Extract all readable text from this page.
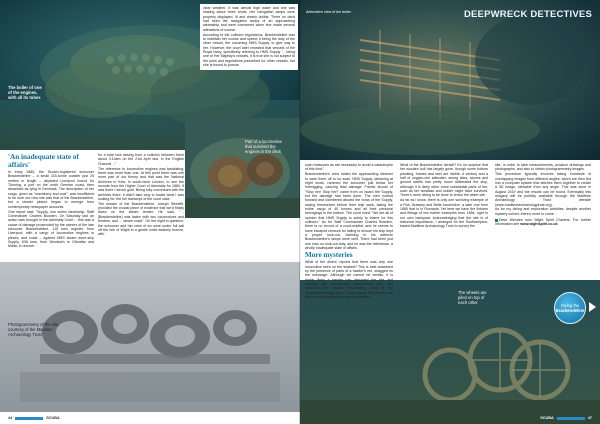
The boiler of one of the engines, with all its tubes
Part of a locomotive that survived the engines in the deck
Photogrammetry of the site, courtesy of the Maritime Archaeology Trust
'An inadequate state of affairs'

In early 1880, the Scotch-registered schooner Brackendeline – a small 115-tonne coaster just 25 metres in length – departed Liverpool bound for Tönning, a port on the north German coast, then described as lying in Denmark. The description of her cargo, given as "machinery and coal", was insufficient to be sure our new site was that of the Brackendeline, but a clearer picture began to emerge from contemporary newspaper accounts.

One report said: "Supply, iron screw steamship, Staff Commander Charles Bowden. On Saturday last an action was brought in the Admiralty Court… this was a cause of damage prosecuted by the owners of the late schooner Brackendeline, 115 tons register, from Liverpool, with a cargo of locomotive engines in pieces, and coals – against HMS steam store-ship Supply, 638 tons, from Woolwich to Gibraltar and Malta, to recover

for a total loss arising from a collision between them about 3.10am on the 21st April last, in the English Channel…"

The reference to locomotive engines was tantalising; there was more than one. At this point there was one more part of our theory and that was the National Archives in Kew, in south-west London, to see the records from the Higher Court of Admiralty for 1880. It was there I struck gold. Being fully conversant with the archives there, it didn't take long to locate what I was looking for: the full transcript of the court case.

The master of the Brackendeline, Joseph Streeffit, provided the crucial piece of evidence that we'd finally dived on the steam tender. He said, "… [Brackendeline] was laden with two locomotives and tenders, and … steam coals". On the night in question, the schooner and her crew of six were under full sail off the Isle of Wight in a gentle north-easterly breeze, with

clear weather. It was almost high water and she was making about three knots. Her navigation lamps were properly displayed, lit and clearly visible. Three on deck had seen the navigation lamps of an approaching steamship and were concerned when she made several alterations of course.

According to the collision regulations, Brackendeline was to maintain her course and speed; it being the duty of the other vessel, the oncoming HMS Supply, to give way to her. However, the court later revealed that vessels of the Royal Navy, specifically referring to HMS Supply "…being one of Her Majesty's vessels, it is true she is not subject to the rules and regulations prescribed for other vessels, but she is bound to pursue

44	SCUBA
Alternative view of the boiler	DEEPWRECK DETECTIVES

such measures as are necessary to avoid a catastrophe of this kind."

Brackendeline's crew hailed the approaching steamer to warn them off to no avail. HMS Supply, steaming at eight knots, rammed the schooner just below her foresigging, causing fatal damage. Frantic shouts of "Stop her! Stop her!" came from on board the Supply, but the damage had been done. The men rushed forward and clambered aboard the bows of the Supply, saving themselves before their ship sank, taking the entire cargo of 40 tonnes and all their personal belongings to the bottom. The court ruled: "We are all of opinion that HMS Supply is solely to blame for this collision." As for Staff Commander Charles Bowden, there is no record of a court-martial, and he seems to have escaped censure for failing to ensure his ship kept a proper look-out, claiming in his defence Brackendeline's lamps were unlit. There had been just one man on look-out duty, and he was the helmsman, a wholly inadequate state of affairs.

More mysteries

What of the divers' reports that there was only one locomotive seen on the seabed? This is best answered by the presence of parts of a trawler's net, snagged on the wreckage. Although we cannot be certain, it is highly likely a trawler has disrupted the site and knocked the side-by-side locomotives over and scattered the tenders. Examining some of the underwater images later, it does appear the remains are there of both locomotives and the tenders.

What of the Brackendeline herself? It's no surprise that her wooden hull has largely gone, though some bottom planking, frames and keel are visible. A century and a half of oxygen-rich saltwater, strong tides, storms and ground swells has pretty much obliterated the ship, although it is likely other more substantial parts of her, such as her windlass and rudder might have survived. There's more diving to be done to check the wider site.

As far as I know, there is only one surviving example of a Fisk, Brassey and Betts locomotive, a later one from 1865 that is in Romania. Yet here we have the fixtures and fittings of two earlier examples from 1854, right in our own backyard. Acknowledging that the site is of historical importance, I arranged for the Southampton-based Maritime Archaeology Trust to survey the

The wheels are piled on top of each other

site, in order to take measurements, produce drawings and photographs, and also to obtain photogrammetry images.

This procedure typically involves taking hundreds of overlapping images from different angles, which are then fed into a computer system that stitches them together to create a 3D image, viewable from any angle. This was done in August 2019 and the results can be found. Eventually this imagery will be publicly available through the Maritime Archaeology Trust website (www.maritimearchaeologytrust.org).

As for my diving and exploration activities, despite another mystery solved, there's more to come.

Dave Wendes runs Wight Spirit Charters. For further information see www.wightspirit.co.uk

Diving the
Brackendeline
SCUBA	47
